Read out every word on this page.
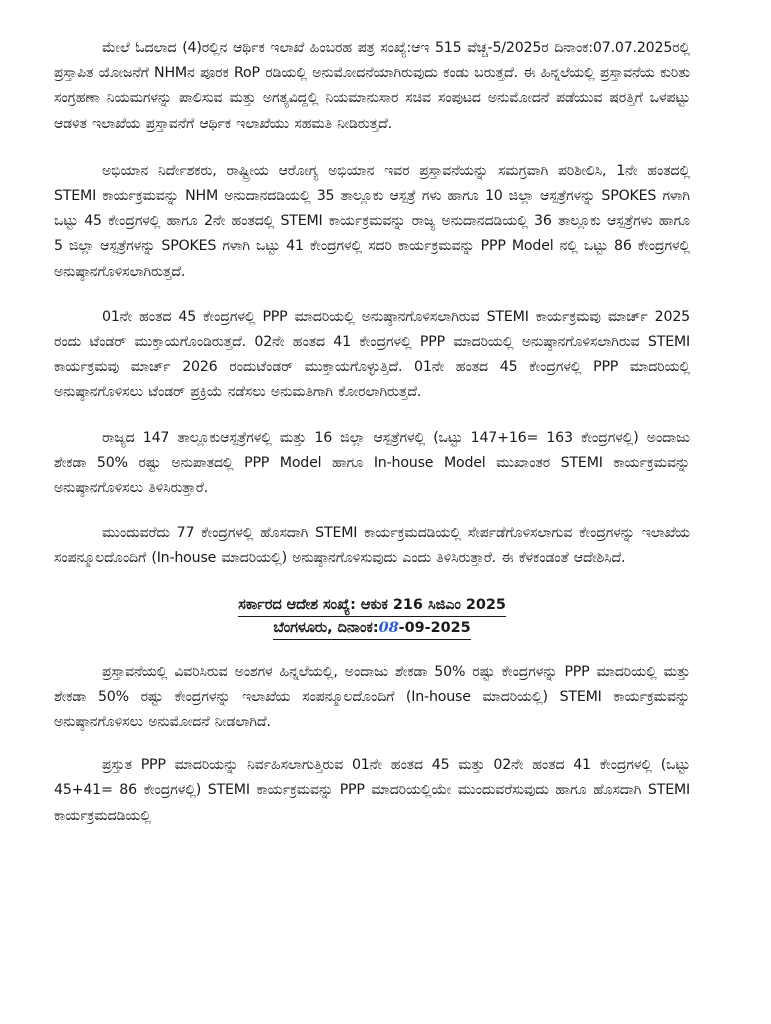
ಮೇಲೆ ಓದಲಾದ (4)ರಲ್ಲಿನ ಆರ್ಥಿಕ ಇಲಾಖೆ ಹಿಂಬರಹ ಪತ್ರ ಸಂಖ್ಯೆ:ಆಇ 515 ವೆಚ್ಚ-5/2025ರ ದಿನಾಂಕ:07.07.2025ರಲ್ಲಿ ಪ್ರಸ್ತಾಪಿತ ಯೋಜನೆಗೆ NHMನ ಪೂರಕ RoP ರಡಿಯಲ್ಲಿ ಅನುಮೋದನೆಯಾಗಿರುವುದು ಕಂಡು ಬರುತ್ತದೆ. ಈ ಹಿನ್ನಲೆಯಲ್ಲಿ ಪ್ರಸ್ತಾವನೆಯ ಕುರಿತು ಸಂಗ್ರಹಣಾ ನಿಯಮಗಳನ್ನು ಪಾಲಿಸುವ ಮತ್ತು ಅಗತ್ಯವಿದ್ದಲ್ಲಿ ನಿಯಮಾನುಸಾರ ಸಚಿವ ಸಂಪುಟದ ಅನುಮೋದನೆ ಪಡೆಯುವ ಷರತ್ತಿಗೆ ಒಳಪಟ್ಟು ಆಡಳಿತ ಇಲಾಖೆಯ ಪ್ರಸ್ತಾವನೆಗೆ ಆರ್ಥಿಕ ಇಲಾಖೆಯು ಸಹಮತಿ ನೀಡಿರುತ್ತದೆ.

ಅಭಿಯಾನ ನಿರ್ದೇಶಕರು, ರಾಷ್ಟ್ರೀಯ ಆರೋಗ್ಯ ಅಭಿಯಾನ ಇವರ ಪ್ರಸ್ತಾವನೆಯನ್ನು ಸಮಗ್ರವಾಗಿ ಪರಿಶೀಲಿಸಿ, 1ನೇ ಹಂತದಲ್ಲಿ STEMI ಕಾರ್ಯಕ್ರಮವನ್ನು NHM ಅನುದಾನದಡಿಯಲ್ಲಿ 35 ತಾಲ್ಲೂಕು ಆಸ್ಪತ್ರೆ ಗಳು ಹಾಗೂ 10 ಜಿಲ್ಲಾ ಆಸ್ಪತ್ರೆಗಳನ್ನು SPOKES ಗಳಾಗಿ ಒಟ್ಟು 45 ಕೇಂದ್ರಗಳಲ್ಲಿ ಹಾಗೂ 2ನೇ ಹಂತದಲ್ಲಿ STEMI ಕಾರ್ಯಕ್ರಮವನ್ನು ರಾಜ್ಯ ಅನುದಾನದಡಿಯಲ್ಲಿ 36 ತಾಲ್ಲೂಕು ಆಸ್ಪತ್ರೆಗಳು ಹಾಗೂ 5 ಜಿಲ್ಲಾ ಆಸ್ಪತ್ರೆಗಳನ್ನು SPOKES ಗಳಾಗಿ ಒಟ್ಟು 41 ಕೇಂದ್ರಗಳಲ್ಲಿ ಸದರಿ ಕಾರ್ಯಕ್ರಮವನ್ನು PPP Model ನಲ್ಲಿ ಒಟ್ಟು 86 ಕೇಂದ್ರಗಳಲ್ಲಿ ಅನುಷ್ಠಾನಗೊಳಿಸಲಾಗಿರುತ್ತದೆ.

01ನೇ ಹಂತದ 45 ಕೇಂದ್ರಗಳಲ್ಲಿ PPP ಮಾದರಿಯಲ್ಲಿ ಅನುಷ್ಠಾನಗೊಳಿಸಲಾಗಿರುವ STEMI ಕಾರ್ಯಕ್ರಮವು ಮಾರ್ಚ್ 2025 ರಂದು ಟೆಂಡರ್ ಮುಕ್ತಾಯಗೊಂಡಿರುತ್ತದೆ. 02ನೇ ಹಂತದ 41 ಕೇಂದ್ರಗಳಲ್ಲಿ PPP ಮಾದರಿಯಲ್ಲಿ ಅನುಷ್ಠಾನಗೊಳಿಸಲಾಗಿರುವ STEMI ಕಾರ್ಯಕ್ರಮವು ಮಾರ್ಚ್ 2026 ರಂದುಟೆಂಡರ್ ಮುಕ್ತಾಯಗೊಳ್ಳುತ್ತಿದೆ. 01ನೇ ಹಂತದ 45 ಕೇಂದ್ರಗಳಲ್ಲಿ PPP ಮಾದರಿಯಲ್ಲಿ ಅನುಷ್ಠಾನಗೊಳಿಸಲು ಟೆಂಡರ್ ಪ್ರಕ್ರಿಯೆ ನಡೆಸಲು ಅನುಮತಿಗಾಗಿ ಕೋರಲಾಗಿರುತ್ತದೆ.

ರಾಜ್ಯದ 147 ತಾಲ್ಲೂಕುಆಸ್ಪತ್ರೆಗಳಲ್ಲಿ ಮತ್ತು 16 ಜಿಲ್ಲಾ ಆಸ್ಪತ್ರೆಗಳಲ್ಲಿ (ಒಟ್ಟು 147+16= 163 ಕೇಂದ್ರಗಳಲ್ಲಿ) ಅಂದಾಜು ಶೇಕಡಾ 50% ರಷ್ಟು ಅನುಪಾತದಲ್ಲಿ PPP Model ಹಾಗೂ In-house Model ಮುಖಾಂತರ STEMI ಕಾರ್ಯಕ್ರಮವನ್ನು ಅನುಷ್ಠಾನಗೊಳಿಸಲು ತಿಳಿಸಿರುತ್ತಾರೆ.

ಮುಂದುವರೆದು 77 ಕೇಂದ್ರಗಳಲ್ಲಿ ಹೊಸದಾಗಿ STEMI ಕಾರ್ಯಕ್ರಮದಡಿಯಲ್ಲಿ ಸೇರ್ಪಡೆಗೊಳಿಸಲಾಗುವ ಕೇಂದ್ರಗಳನ್ನು ಇಲಾಖೆಯ ಸಂಪನ್ಮೂಲದೊಂದಿಗೆ (In-house ಮಾದರಿಯಲ್ಲಿ) ಅನುಷ್ಠಾನಗೊಳಿಸುವುದು ಎಂದು ತಿಳಿಸಿರುತ್ತಾರೆ. ಈ ಕೆಳಕಂಡಂತೆ ಆದೇಶಿಸಿದೆ.

ಸರ್ಕಾರದ ಆದೇಶ ಸಂಖ್ಯೆ: ಆಕುಕ 216 ಸಿಜಿಎಂ 2025
ಬೆಂಗಳೂರು, ದಿನಾಂಕ:08-09-2025

ಪ್ರಸ್ತಾವನೆಯಲ್ಲಿ ವಿವರಿಸಿರುವ ಅಂಶಗಳ ಹಿನ್ನಲೆಯಲ್ಲಿ, ಅಂದಾಜು ಶೇಕಡಾ 50% ರಷ್ಟು ಕೇಂದ್ರಗಳನ್ನು PPP ಮಾದರಿಯಲ್ಲಿ ಮತ್ತು ಶೇಕಡಾ 50% ರಷ್ಟು ಕೇಂದ್ರಗಳನ್ನು ಇಲಾಖೆಯ ಸಂಪನ್ಮೂಲದೊಂದಿಗೆ (In-house ಮಾದರಿಯಲ್ಲಿ) STEMI ಕಾರ್ಯಕ್ರಮವನ್ನು ಅನುಷ್ಠಾನಗೊಳಿಸಲು ಅನುಮೋದನೆ ನೀಡಲಾಗಿದೆ.

ಪ್ರಸ್ತುತ PPP ಮಾದರಿಯನ್ನು ನಿರ್ವಹಿಸಲಾಗುತ್ತಿರುವ 01ನೇ ಹಂತದ 45 ಮತ್ತು 02ನೇ ಹಂತದ 41 ಕೇಂದ್ರಗಳಲ್ಲಿ (ಒಟ್ಟು 45+41= 86 ಕೇಂದ್ರಗಳಲ್ಲಿ) STEMI ಕಾರ್ಯಕ್ರಮವನ್ನು PPP ಮಾದರಿಯಲ್ಲಿಯೇ ಮುಂದುವರೆಸುವುದು ಹಾಗೂ ಹೊಸದಾಗಿ STEMI ಕಾರ್ಯಕ್ರಮದಡಿಯಲ್ಲಿ
